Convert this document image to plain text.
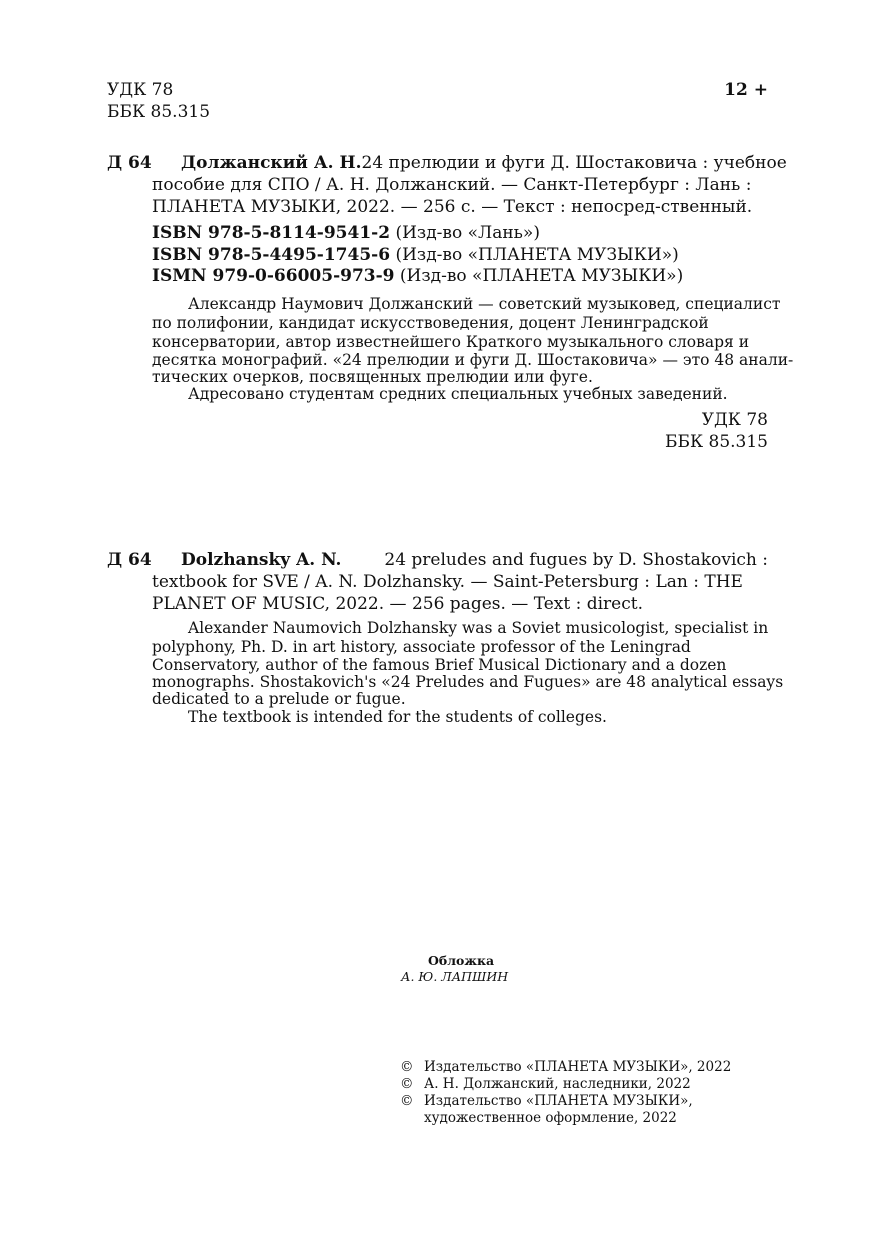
УДК 78
ББК 85.315
12 +
Д 64 Должанский А. Н. 24 прелюдии и фуги Д. Шостаковича : учебное
пособие для СПО / А. Н. Должанский. — Санкт-Петербург : Лань :
ПЛАНЕТА МУЗЫКИ, 2022. — 256 с. — Текст : непосред-ственный.
ISBN 978-5-8114-9541-2 (Изд-во «Лань»)
ISBN 978-5-4495-1745-6 (Изд-во «ПЛАНЕТА МУЗЫКИ»)
ISMN 979-0-66005-973-9 (Изд-во «ПЛАНЕТА МУЗЫКИ»)
Александр Наумович Должанский — советский музыковед, специалист
по полифонии, кандидат искусствоведения, доцент Ленинградской
консерватории, автор известнейшего Краткого музыкального словаря и
десятка монографий. «24 прелюдии и фуги Д. Шостаковича» — это 48 анали-
тических очерков, посвященных прелюдии или фуге.
Адресовано студентам средних специальных учебных заведений.
УДК 78
ББК 85.315
Д 64 Dolzhansky A. N.	24 preludes and fugues by D. Shostakovich :
textbook for SVE / A. N. Dolzhansky. — Saint-Petersburg : Lan : THE
PLANET OF MUSIC, 2022. — 256 pages. — Text : direct.
Alexander Naumovich Dolzhansky was a Soviet musicologist, specialist in
polyphony, Ph. D. in art history, associate professor of the Leningrad
Conservatory, author of the famous Brief Musical Dictionary and a dozen
monographs. Shostakovich's «24 Preludes and Fugues» are 48 analytical essays
dedicated to a prelude or fugue.
The textbook is intended for the students of colleges.
Обложка
А. Ю. ЛАПШИН
© Издательство «ПЛАНЕТА МУЗЫКИ», 2022
© А. Н. Должанский, наследники, 2022
© Издательство «ПЛАНЕТА МУЗЫКИ»,
художественное оформление, 2022
